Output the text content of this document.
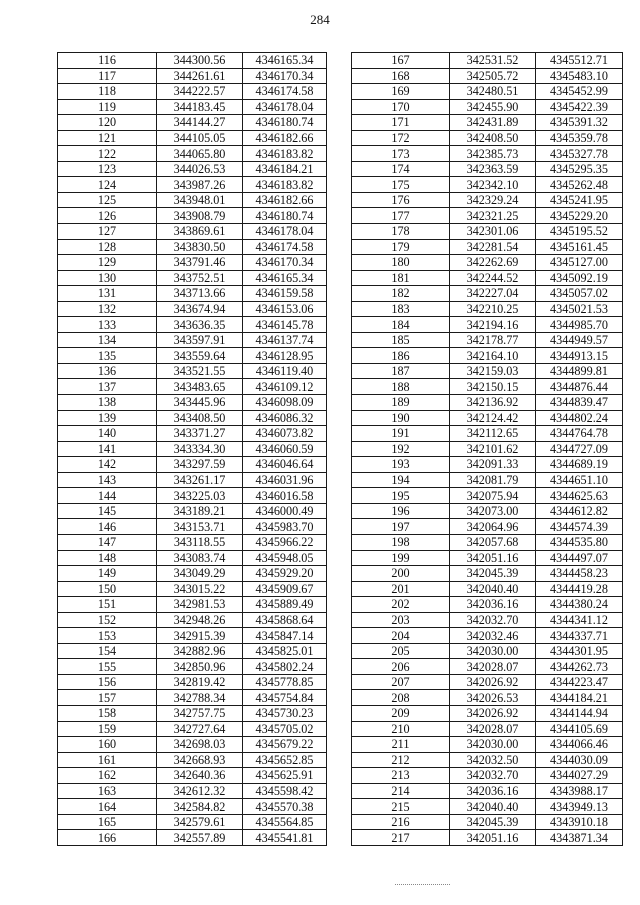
284
116	344300.56	4346165.34
117	344261.61	4346170.34
118	344222.57	4346174.58
119	344183.45	4346178.04
120	344144.27	4346180.74
121	344105.05	4346182.66
122	344065.80	4346183.82
123	344026.53	4346184.21
124	343987.26	4346183.82
125	343948.01	4346182.66
126	343908.79	4346180.74
127	343869.61	4346178.04
128	343830.50	4346174.58
129	343791.46	4346170.34
130	343752.51	4346165.34
131	343713.66	4346159.58
132	343674.94	4346153.06
133	343636.35	4346145.78
134	343597.91	4346137.74
135	343559.64	4346128.95
136	343521.55	4346119.40
137	343483.65	4346109.12
138	343445.96	4346098.09
139	343408.50	4346086.32
140	343371.27	4346073.82
141	343334.30	4346060.59
142	343297.59	4346046.64
143	343261.17	4346031.96
144	343225.03	4346016.58
145	343189.21	4346000.49
146	343153.71	4345983.70
147	343118.55	4345966.22
148	343083.74	4345948.05
149	343049.29	4345929.20
150	343015.22	4345909.67
151	342981.53	4345889.49
152	342948.26	4345868.64
153	342915.39	4345847.14
154	342882.96	4345825.01
155	342850.96	4345802.24
156	342819.42	4345778.85
157	342788.34	4345754.84
158	342757.75	4345730.23
159	342727.64	4345705.02
160	342698.03	4345679.22
161	342668.93	4345652.85
162	342640.36	4345625.91
163	342612.32	4345598.42
164	342584.82	4345570.38
165	342579.61	4345564.85
166	342557.89	4345541.81
167	342531.52	4345512.71
168	342505.72	4345483.10
169	342480.51	4345452.99
170	342455.90	4345422.39
171	342431.89	4345391.32
172	342408.50	4345359.78
173	342385.73	4345327.78
174	342363.59	4345295.35
175	342342.10	4345262.48
176	342329.24	4345241.95
177	342321.25	4345229.20
178	342301.06	4345195.52
179	342281.54	4345161.45
180	342262.69	4345127.00
181	342244.52	4345092.19
182	342227.04	4345057.02
183	342210.25	4345021.53
184	342194.16	4344985.70
185	342178.77	4344949.57
186	342164.10	4344913.15
187	342159.03	4344899.81
188	342150.15	4344876.44
189	342136.92	4344839.47
190	342124.42	4344802.24
191	342112.65	4344764.78
192	342101.62	4344727.09
193	342091.33	4344689.19
194	342081.79	4344651.10
195	342075.94	4344625.63
196	342073.00	4344612.82
197	342064.96	4344574.39
198	342057.68	4344535.80
199	342051.16	4344497.07
200	342045.39	4344458.23
201	342040.40	4344419.28
202	342036.16	4344380.24
203	342032.70	4344341.12
204	342032.46	4344337.71
205	342030.00	4344301.95
206	342028.07	4344262.73
207	342026.92	4344223.47
208	342026.53	4344184.21
209	342026.92	4344144.94
210	342028.07	4344105.69
211	342030.00	4344066.46
212	342032.50	4344030.09
213	342032.70	4344027.29
214	342036.16	4343988.17
215	342040.40	4343949.13
216	342045.39	4343910.18
217	342051.16	4343871.34
